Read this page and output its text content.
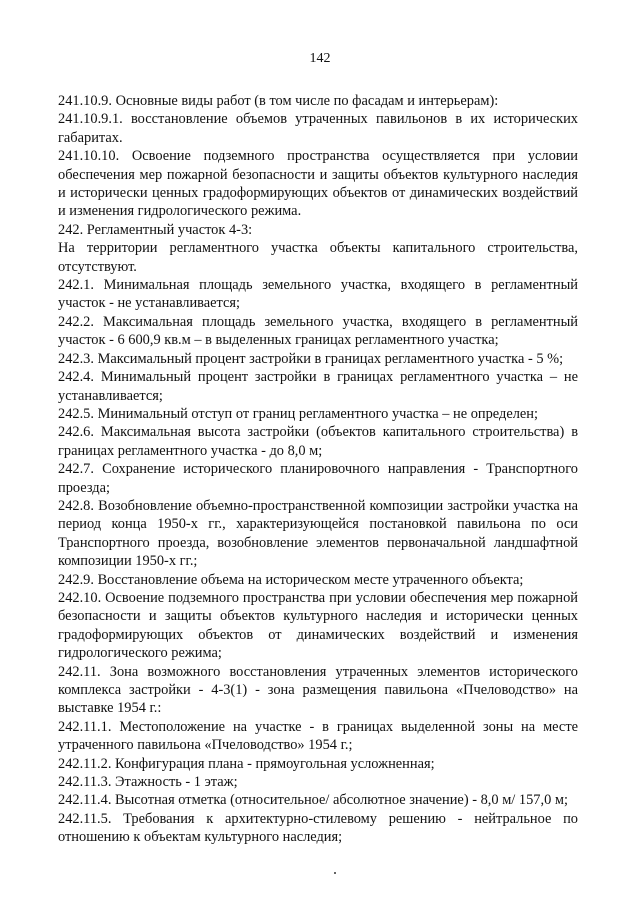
142

241.10.9. Основные виды работ (в том числе по фасадам и интерьерам):

241.10.9.1. восстановление объемов утраченных павильонов в их исторических габаритах.

241.10.10. Освоение подземного пространства осуществляется при условии обеспечения мер пожарной безопасности и защиты объектов культурного наследия и исторически ценных градоформирующих объектов от динамических воздействий и изменения гидрологического режима.

242. Регламентный участок 4-3:

На территории регламентного участка объекты капитального строительства, отсутствуют.

242.1. Минимальная площадь земельного участка, входящего в регламентный участок - не устанавливается;

242.2. Максимальная площадь земельного участка, входящего в регламентный участок - 6 600,9 кв.м – в выделенных границах регламентного участка;

242.3. Максимальный процент застройки в границах регламентного участка - 5 %;

242.4. Минимальный процент застройки в границах регламентного участка – не устанавливается;

242.5. Минимальный отступ от границ регламентного участка – не определен;

242.6. Максимальная высота застройки (объектов капитального строительства) в границах регламентного участка - до 8,0 м;

242.7. Сохранение исторического планировочного направления - Транспортного проезда;

242.8. Возобновление объемно-пространственной композиции застройки участка на период конца 1950-х гг., характеризующейся постановкой павильона по оси Транспортного проезда, возобновление элементов первоначальной ландшафтной композиции 1950-х гг.;

242.9. Восстановление объема на историческом месте утраченного объекта;

242.10. Освоение подземного пространства при условии обеспечения мер пожарной безопасности и защиты объектов культурного наследия и исторически ценных градоформирующих объектов от динамических воздействий и изменения гидрологического режима;

242.11. Зона возможного восстановления утраченных элементов исторического комплекса застройки - 4-3(1) - зона размещения павильона «Пчеловодство» на выставке 1954 г.:

242.11.1. Местоположение на участке - в границах выделенной зоны на месте утраченного павильона «Пчеловодство» 1954 г.;

242.11.2. Конфигурация плана - прямоугольная усложненная;

242.11.3. Этажность - 1 этаж;

242.11.4. Высотная отметка (относительное/ абсолютное значение) - 8,0 м/ 157,0 м;

242.11.5. Требования к архитектурно-стилевому решению - нейтральное по отношению к объектам культурного наследия;
